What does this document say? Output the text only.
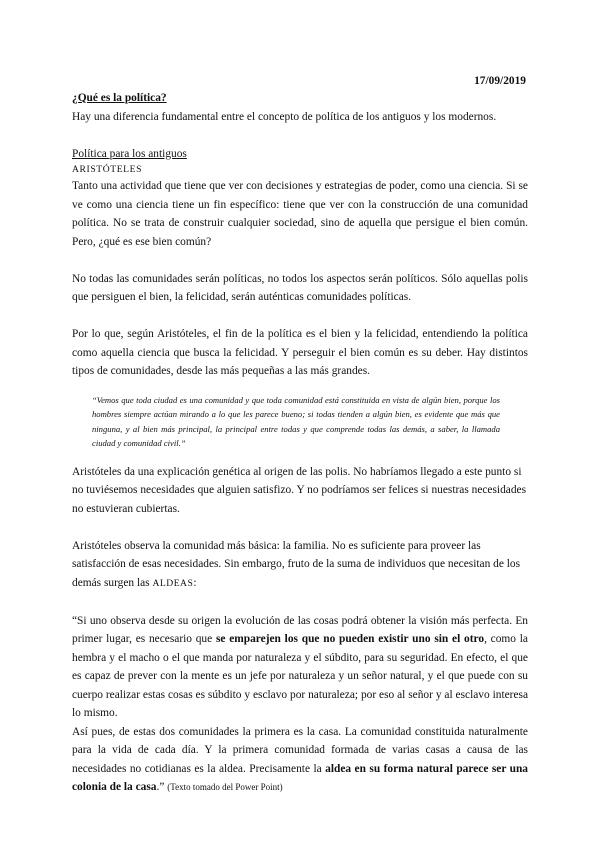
17/09/2019

¿Qué es la política?

Hay una diferencia fundamental entre el concepto de política de los antiguos y los modernos.

Política para los antiguos

ARISTÓTELES

Tanto una actividad que tiene que ver con decisiones y estrategias de poder, como una ciencia. Si se ve como una ciencia tiene un fin específico: tiene que ver con la construcción de una comunidad política. No se trata de construir cualquier sociedad, sino de aquella que persigue el bien común. Pero, ¿qué es ese bien común?

No todas las comunidades serán políticas, no todos los aspectos serán políticos. Sólo aquellas polis que persiguen el bien, la felicidad, serán auténticas comunidades políticas.

Por lo que, según Aristóteles, el fin de la política es el bien y la felicidad, entendiendo la política como aquella ciencia que busca la felicidad. Y perseguir el bien común es su deber. Hay distintos tipos de comunidades, desde las más pequeñas a las más grandes.

“Vemos que toda ciudad es una comunidad y que toda comunidad está constituida en vista de algún bien, porque los hombres siempre actúan mirando a lo que les parece bueno; si todas tienden a algún bien, es evidente que más que ninguna, y al bien más principal, la principal entre todas y que comprende todas las demás, a saber, la llamada ciudad y comunidad civil.”

Aristóteles da una explicación genética al origen de las polis. No habríamos llegado a este punto si no tuviésemos necesidades que alguien satisfizo. Y no podríamos ser felices si nuestras necesidades no estuvieran cubiertas.

Aristóteles observa la comunidad más básica: la familia. No es suficiente para proveer las satisfacción de esas necesidades. Sin embargo, fruto de la suma de individuos que necesitan de los demás surgen las ALDEAS:

“Si uno observa desde su origen la evolución de las cosas podrá obtener la visión más perfecta. En primer lugar, es necesario que se emparejen los que no pueden existir uno sin el otro, como la hembra y el macho o el que manda por naturaleza y el súbdito, para su seguridad. En efecto, el que es capaz de prever con la mente es un jefe por naturaleza y un señor natural, y el que puede con su cuerpo realizar estas cosas es súbdito y esclavo por naturaleza; por eso al señor y al esclavo interesa lo mismo.

Así pues, de estas dos comunidades la primera es la casa. La comunidad constituida naturalmente para la vida de cada día. Y la primera comunidad formada de varias casas a causa de las necesidades no cotidianas es la aldea. Precisamente la aldea en su forma natural parece ser una colonia de la casa.” (Texto tomado del Power Point)
